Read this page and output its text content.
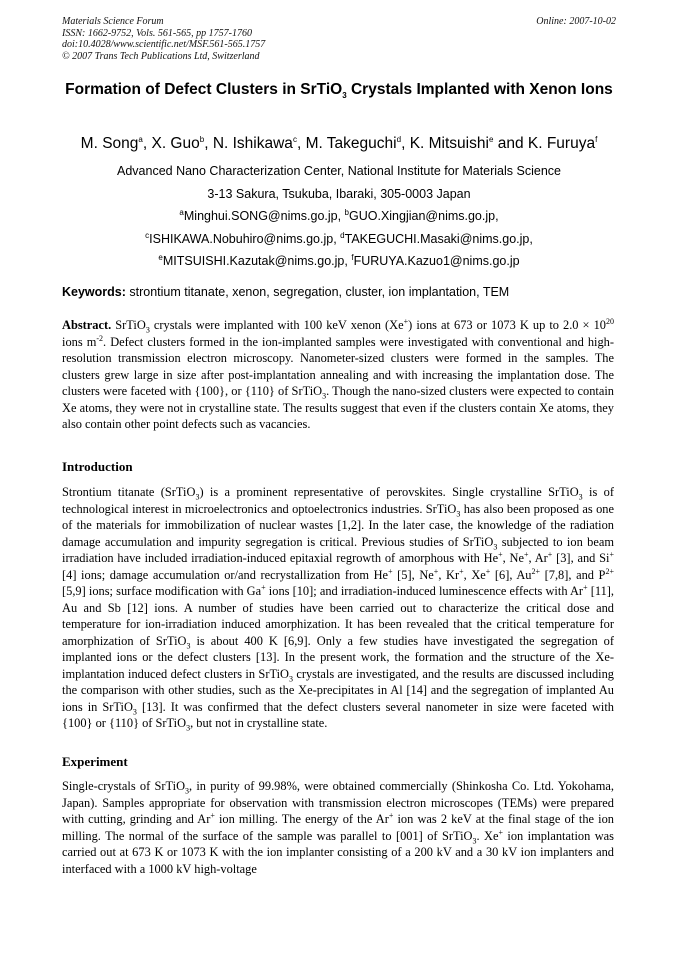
Materials Science Forum
ISSN: 1662-9752, Vols. 561-565, pp 1757-1760
doi:10.4028/www.scientific.net/MSF.561-565.1757
© 2007 Trans Tech Publications Ltd, Switzerland
Online: 2007-10-02
Formation of Defect Clusters in SrTiO$_3$ Crystals Implanted with Xenon Ions
M. Song$^a$, X. Guo$^b$, N. Ishikawa$^c$, M. Takeguchi$^d$, K. Mitsuishi$^e$ and K. Furuya$^f$
Advanced Nano Characterization Center, National Institute for Materials Science
3-13 Sakura, Tsukuba, Ibaraki, 305-0003 Japan
$^a$Minghui.SONG@nims.go.jp, $^b$GUO.Xingjian@nims.go.jp,
$^c$ISHIKAWA.Nobuhiro@nims.go.jp, $^d$TAKEGUCHI.Masaki@nims.go.jp,
$^e$MITSUISHI.Kazutak@nims.go.jp, $^f$FURUYA.Kazuo1@nims.go.jp
Keywords: strontium titanate, xenon, segregation, cluster, ion implantation, TEM
Abstract. SrTiO$_3$ crystals were implanted with 100 keV xenon (Xe+) ions at 673 or 1073 K up to $2.0 \times 10^{20}$ ions $m^{-2}$. Defect clusters formed in the ion-implanted samples were investigated with conventional and high-resolution transmission electron microscopy. Nanometer-sized clusters were formed in the samples. The clusters grew large in size after post-implantation annealing and with increasing the implantation dose. The clusters were faceted with {100}, or {110} of SrTiO$_3$. Though the nano-sized clusters were expected to contain Xe atoms, they were not in crystalline state. The results suggest that even if the clusters contain Xe atoms, they also contain other point defects such as vacancies.
Introduction
Strontium titanate (SrTiO$_3$) is a prominent representative of perovskites. Single crystalline SrTiO$_3$ is of technological interest in microelectronics and optoelectronics industries. SrTiO$_3$ has also been proposed as one of the materials for immobilization of nuclear wastes [1,2]. In the later case, the knowledge of the radiation damage accumulation and impurity segregation is critical. Previous studies of SrTiO$_3$ subjected to ion beam irradiation have included irradiation-induced epitaxial regrowth of amorphous with He+, Ne+, Ar+ [3], and Si+ [4] ions; damage accumulation or/and recrystallization from He+ [5], Ne+, Kr+, Xe+ [6], $Au^{2+}$ [7,8], and $P^{2+}$ [5,9] ions; surface modification with Ga+ ions [10]; and irradiation-induced luminescence effects with Ar+ [11], Au and Sb [12] ions. A number of studies have been carried out to characterize the critical dose and temperature for ion-irradiation induced amorphization. It has been revealed that the critical temperature for amorphization of SrTiO$_3$ is about 400 K [6,9]. Only a few studies have investigated the segregation of implanted ions or the defect clusters [13]. In the present work, the formation and the structure of the Xe-implantation induced defect clusters in SrTiO$_3$ crystals are investigated, and the results are discussed including the comparison with other studies, such as the Xe-precipitates in Al [14] and the segregation of implanted Au ions in SrTiO$_3$ [13]. It was confirmed that the defect clusters several nanometer in size were faceted with {100} or {110} of SrTiO$_3$, but not in crystalline state.
Experiment
Single-crystals of SrTiO$_3$, in purity of 99.98%, were obtained commercially (Shinkosha Co. Ltd. Yokohama, Japan). Samples appropriate for observation with transmission electron microscopes (TEMs) were prepared with cutting, grinding and Ar+ ion milling. The energy of the Ar+ ion was 2 keV at the final stage of the ion milling. The normal of the surface of the sample was parallel to [001] of SrTiO$_3$. Xe+ ion implantation was carried out at 673 K or 1073 K with the ion implanter consisting of a 200 kV and a 30 kV ion implanters and interfaced with a 1000 kV high-voltage
